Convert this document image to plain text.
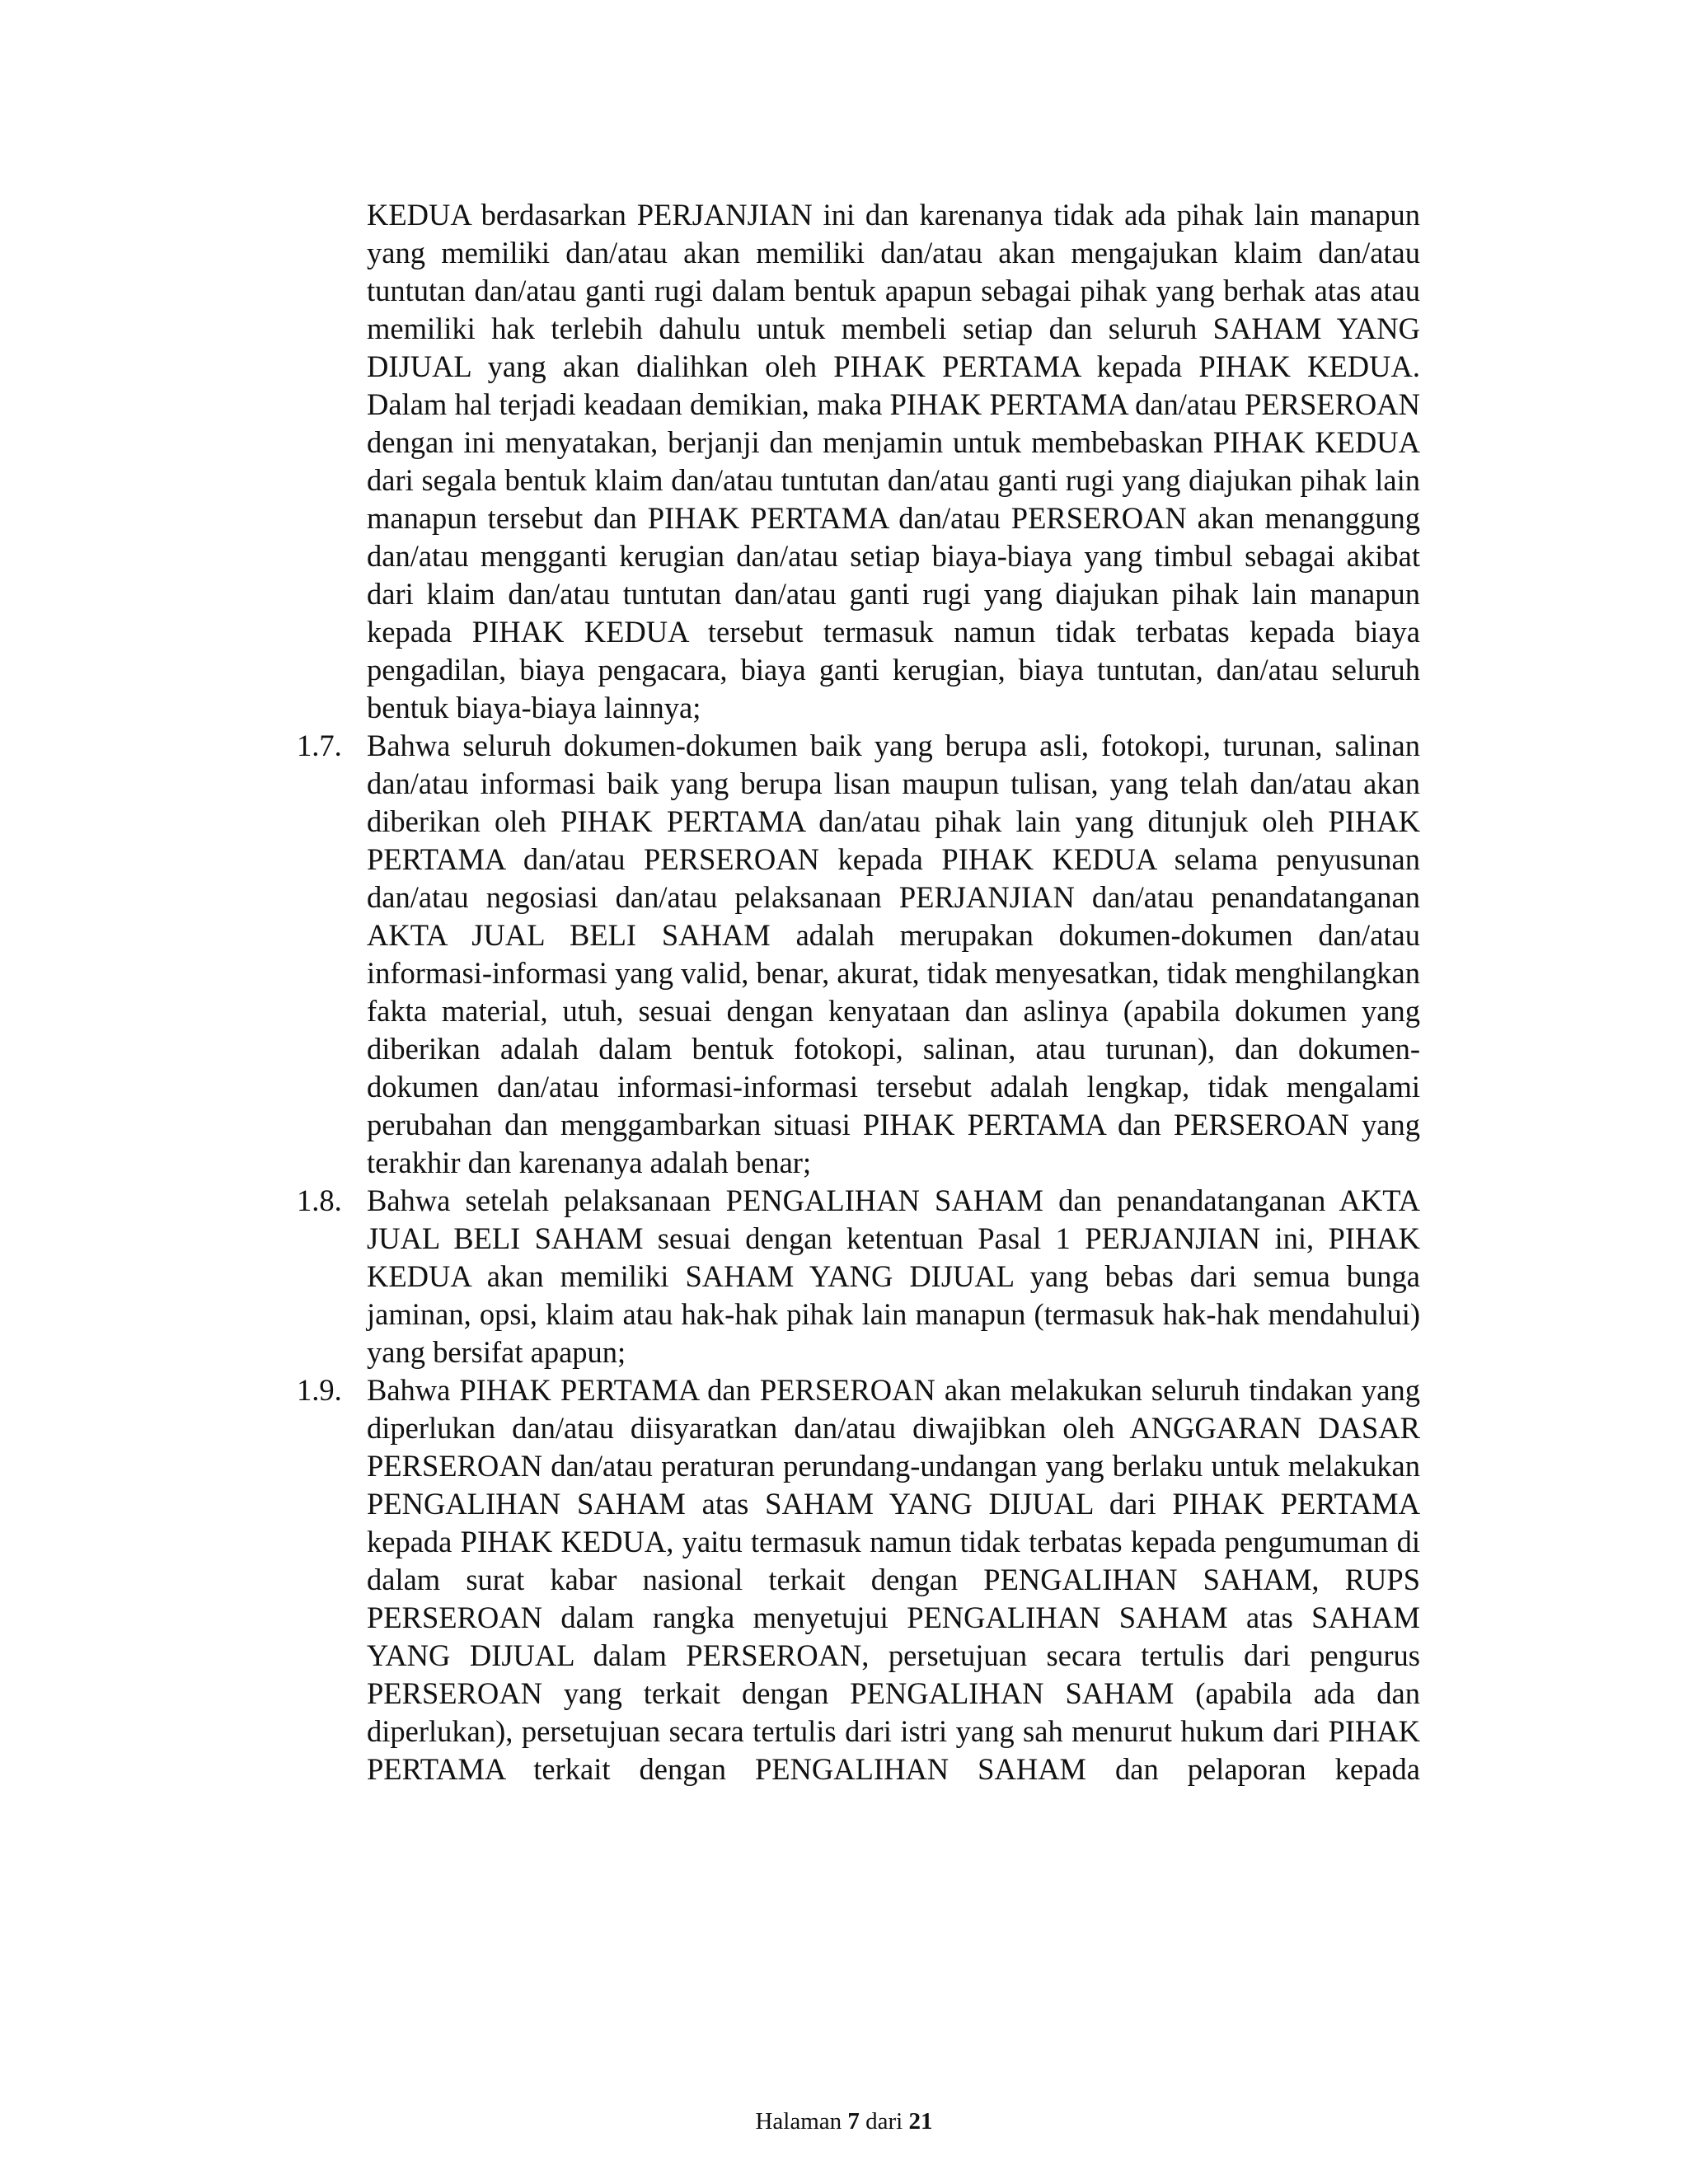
KEDUA berdasarkan PERJANJIAN ini dan karenanya tidak ada pihak lain manapun yang memiliki dan/atau akan memiliki dan/atau akan mengajukan klaim dan/atau tuntutan dan/atau ganti rugi dalam bentuk apapun sebagai pihak yang berhak atas atau memiliki hak terlebih dahulu untuk membeli setiap dan seluruh SAHAM YANG DIJUAL yang akan dialihkan oleh PIHAK PERTAMA kepada PIHAK KEDUA. Dalam hal terjadi keadaan demikian, maka PIHAK PERTAMA dan/atau PERSEROAN dengan ini menyatakan, berjanji dan menjamin untuk membebaskan PIHAK KEDUA dari segala bentuk klaim dan/atau tuntutan dan/atau ganti rugi yang diajukan pihak lain manapun tersebut dan PIHAK PERTAMA dan/atau PERSEROAN akan menanggung dan/atau mengganti kerugian dan/atau setiap biaya-biaya yang timbul sebagai akibat dari klaim dan/atau tuntutan dan/atau ganti rugi yang diajukan pihak lain manapun kepada PIHAK KEDUA tersebut termasuk namun tidak terbatas kepada biaya pengadilan, biaya pengacara, biaya ganti kerugian, biaya tuntutan, dan/atau seluruh bentuk biaya-biaya lainnya;

1.7. Bahwa seluruh dokumen-dokumen baik yang berupa asli, fotokopi, turunan, salinan dan/atau informasi baik yang berupa lisan maupun tulisan, yang telah dan/atau akan diberikan oleh PIHAK PERTAMA dan/atau pihak lain yang ditunjuk oleh PIHAK PERTAMA dan/atau PERSEROAN kepada PIHAK KEDUA selama penyusunan dan/atau negosiasi dan/atau pelaksanaan PERJANJIAN dan/atau penandatanganan AKTA JUAL BELI SAHAM adalah merupakan dokumen-dokumen dan/atau informasi-informasi yang valid, benar, akurat, tidak menyesatkan, tidak menghilangkan fakta material, utuh, sesuai dengan kenyataan dan aslinya (apabila dokumen yang diberikan adalah dalam bentuk fotokopi, salinan, atau turunan), dan dokumen-dokumen dan/atau informasi-informasi tersebut adalah lengkap, tidak mengalami perubahan dan menggambarkan situasi PIHAK PERTAMA dan PERSEROAN yang terakhir dan karenanya adalah benar;

1.8. Bahwa setelah pelaksanaan PENGALIHAN SAHAM dan penandatanganan AKTA JUAL BELI SAHAM sesuai dengan ketentuan Pasal 1 PERJANJIAN ini, PIHAK KEDUA akan memiliki SAHAM YANG DIJUAL yang bebas dari semua bunga jaminan, opsi, klaim atau hak-hak pihak lain manapun (termasuk hak-hak mendahului) yang bersifat apapun;

1.9. Bahwa PIHAK PERTAMA dan PERSEROAN akan melakukan seluruh tindakan yang diperlukan dan/atau diisyaratkan dan/atau diwajibkan oleh ANGGARAN DASAR PERSEROAN dan/atau peraturan perundang-undangan yang berlaku untuk melakukan PENGALIHAN SAHAM atas SAHAM YANG DIJUAL dari PIHAK PERTAMA kepada PIHAK KEDUA, yaitu termasuk namun tidak terbatas kepada pengumuman di dalam surat kabar nasional terkait dengan PENGALIHAN SAHAM, RUPS PERSEROAN dalam rangka menyetujui PENGALIHAN SAHAM atas SAHAM YANG DIJUAL dalam PERSEROAN, persetujuan secara tertulis dari pengurus PERSEROAN yang terkait dengan PENGALIHAN SAHAM (apabila ada dan diperlukan), persetujuan secara tertulis dari istri yang sah menurut hukum dari PIHAK PERTAMA terkait dengan PENGALIHAN SAHAM dan pelaporan kepada

Halaman 7 dari 21
